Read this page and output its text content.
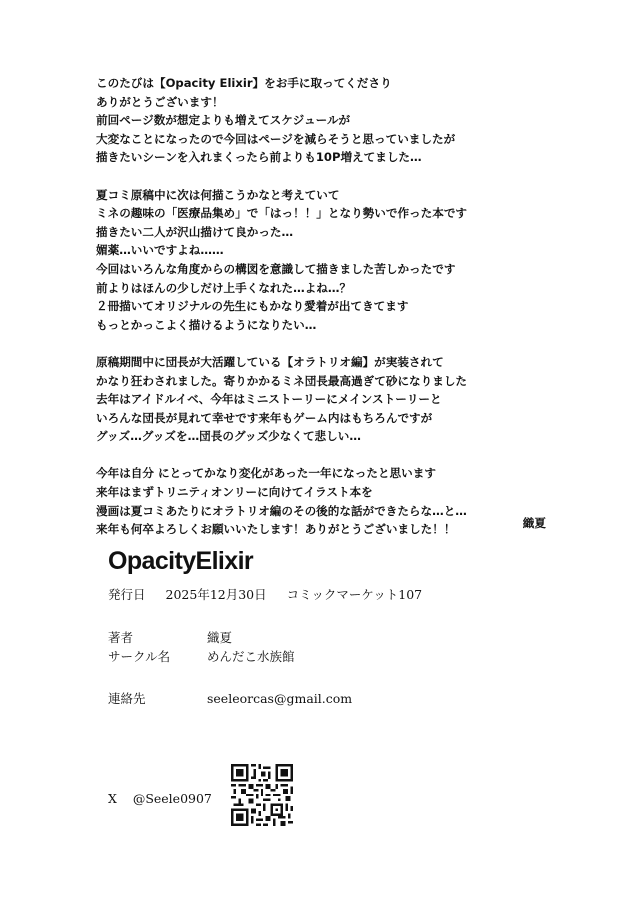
このたびは【Opacity Elixir】をお手に取ってくださり
ありがとうございます！
前回ページ数が想定よりも増えてスケジュールが
大変なことになったので今回はページを減らそうと思っていましたが
描きたいシーンを入れまくったら前よりも10P増えてました…
夏コミ原稿中に次は何描こうかなと考えていて
ミネの趣味の「医療品集め」で「はっ！！」となり勢いで作った本です
描きたい二人が沢山描けて良かった…
媚薬…いいですよね……
今回はいろんな角度からの構図を意識して描きました苦しかったです
前よりはほんの少しだけ上手くなれた…よね…？
２冊描いてオリジナルの先生にもかなり愛着が出てきてます
もっとかっこよく描けるようになりたい…
原稿期間中に団長が大活躍している【オラトリオ編】が実装されて
かなり狂わされました。寄りかかるミネ団長最高過ぎて砂になりました
去年はアイドルイベ、今年はミニストーリーにメインストーリーと
いろんな団長が見れて幸せです来年もゲーム内はもちろんですが
グッズ…グッズを…団長のグッズ少なくて悲しい…
今年は自分 にとってかなり変化があった一年になったと思います
来年はまずトリニティオンリーに向けてイラスト本を
漫画は夏コミあたりにオラトリオ編のその後的な話ができたらな…と…
来年も何卒よろしくお願いいたします！ありがとうございました！！	織夏
OpacityElixir
発行日 2025年12月30日 コミックマーケット107
著者	織夏
サークル名	めんだこ水族館
連絡先	seeleorcas@gmail.com
X @Seele0907
